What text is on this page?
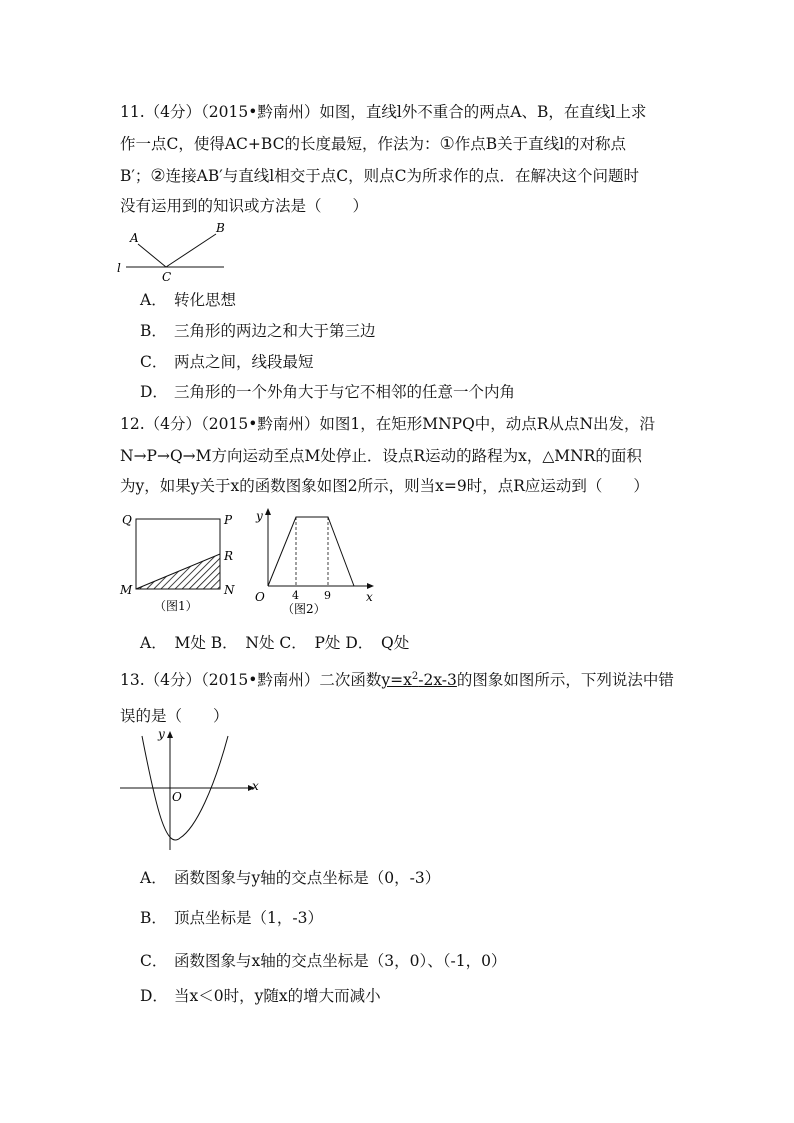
11.（4分）（2015•黔南州）如图，直线l外不重合的两点A、B，在直线l上求
作一点C，使得AC+BC的长度最短，作法为：①作点B关于直线l的对称点
B′；②连接AB′与直线l相交于点C，则点C为所求作的点．在解决这个问题时
没有运用到的知识或方法是（　　）
A
B
C
l
A． 转化思想
B． 三角形的两边之和大于第三边
C． 两点之间，线段最短
D． 三角形的一个外角大于与它不相邻的任意一个内角
12.（4分）（2015•黔南州）如图1，在矩形MNPQ中，动点R从点N出发，沿
N→P→Q→M方向运动至点M处停止．设点R运动的路程为x，△MNR的面积
为y，如果y关于x的函数图象如图2所示，则当x=9时，点R应运动到（　　）
Q	P
R
M	N
（图1）
y
O	x
4 9
（图2）
A．　M处 B．　N处 C．　P处 D．　Q处
13.（4分）（2015•黔南州）二次函数$y=x^2-2x-3$的图象如图所示，下列说法中错
误的是（　　）
y
x
O
A． 函数图象与y轴的交点坐标是（0，-3）
B． 顶点坐标是（1，-3）
C． 函数图象与x轴的交点坐标是（3，0）、（-1，0）
D． 当x＜0时，y随x的增大而减小
